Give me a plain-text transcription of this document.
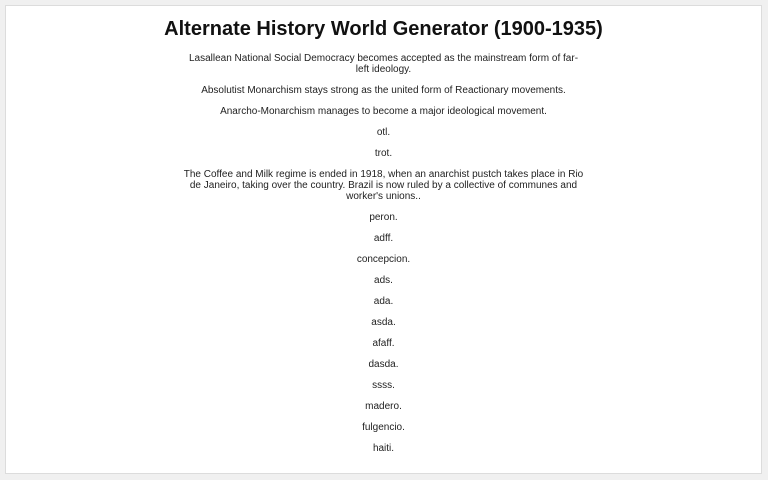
Alternate History World Generator (1900-1935)

Lasallean National Social Democracy becomes accepted as the mainstream form of far-left ideology.

Absolutist Monarchism stays strong as the united form of Reactionary movements.

Anarcho-Monarchism manages to become a major ideological movement.

otl.

trot.

The Coffee and Milk regime is ended in 1918, when an anarchist pustch takes place in Rio de Janeiro, taking over the country. Brazil is now ruled by a collective of communes and worker's unions..

peron.

adff.

concepcion.

ads.

ada.

asda.

afaff.

dasda.

ssss.

madero.

fulgencio.

haiti.
